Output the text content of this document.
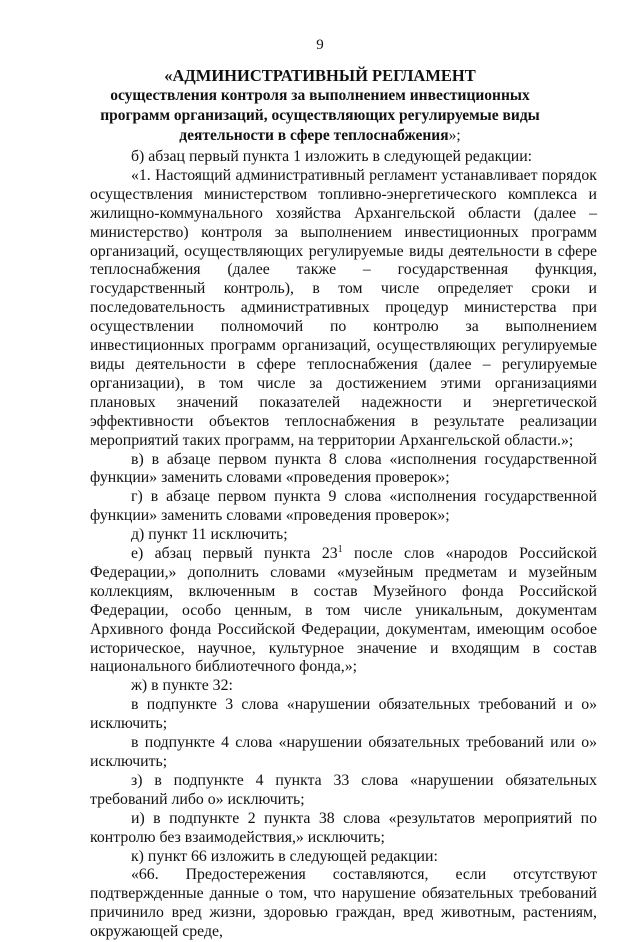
9
«АДМИНИСТРАТИВНЫЙ РЕГЛАМЕНТ
осуществления контроля за выполнением инвестиционных программ организаций, осуществляющих регулируемые виды деятельности в сфере теплоснабжения»;

б) абзац первый пункта 1 изложить в следующей редакции:

«1. Настоящий административный регламент устанавливает порядок осуществления министерством топливно-энергетического комплекса и жилищно-коммунального хозяйства Архангельской области (далее – министерство) контроля за выполнением инвестиционных программ организаций, осуществляющих регулируемые виды деятельности в сфере теплоснабжения (далее также – государственная функция, государственный контроль), в том числе определяет сроки и последовательность административных процедур министерства при осуществлении полномочий по контролю за выполнением инвестиционных программ организаций, осуществляющих регулируемые виды деятельности в сфере теплоснабжения (далее – регулируемые организации), в том числе за достижением этими организациями плановых значений показателей надежности и энергетической эффективности объектов теплоснабжения в результате реализации мероприятий таких программ, на территории Архангельской области.»;

в) в абзаце первом пункта 8 слова «исполнения государственной функции» заменить словами «проведения проверок»;

г) в абзаце первом пункта 9 слова «исполнения государственной функции» заменить словами «проведения проверок»;

д) пункт 11 исключить;

е) абзац первый пункта $23^1$ после слов «народов Российской Федерации,» дополнить словами «музейным предметам и музейным коллекциям, включенным в состав Музейного фонда Российской Федерации, особо ценным, в том числе уникальным, документам Архивного фонда Российской Федерации, документам, имеющим особое историческое, научное, культурное значение и входящим в состав национального библиотечного фонда,»;

ж) в пункте 32:

в подпункте 3 слова «нарушении обязательных требований и о» исключить;

в подпункте 4 слова «нарушении обязательных требований или о» исключить;

з) в подпункте 4 пункта 33 слова «нарушении обязательных требований либо о» исключить;

и) в подпункте 2 пункта 38 слова «результатов мероприятий по контролю без взаимодействия,» исключить;

к) пункт 66 изложить в следующей редакции:

«66. Предостережения составляются, если отсутствуют подтвержденные данные о том, что нарушение обязательных требований причинило вред жизни, здоровью граждан, вред животным, растениям, окружающей среде,
